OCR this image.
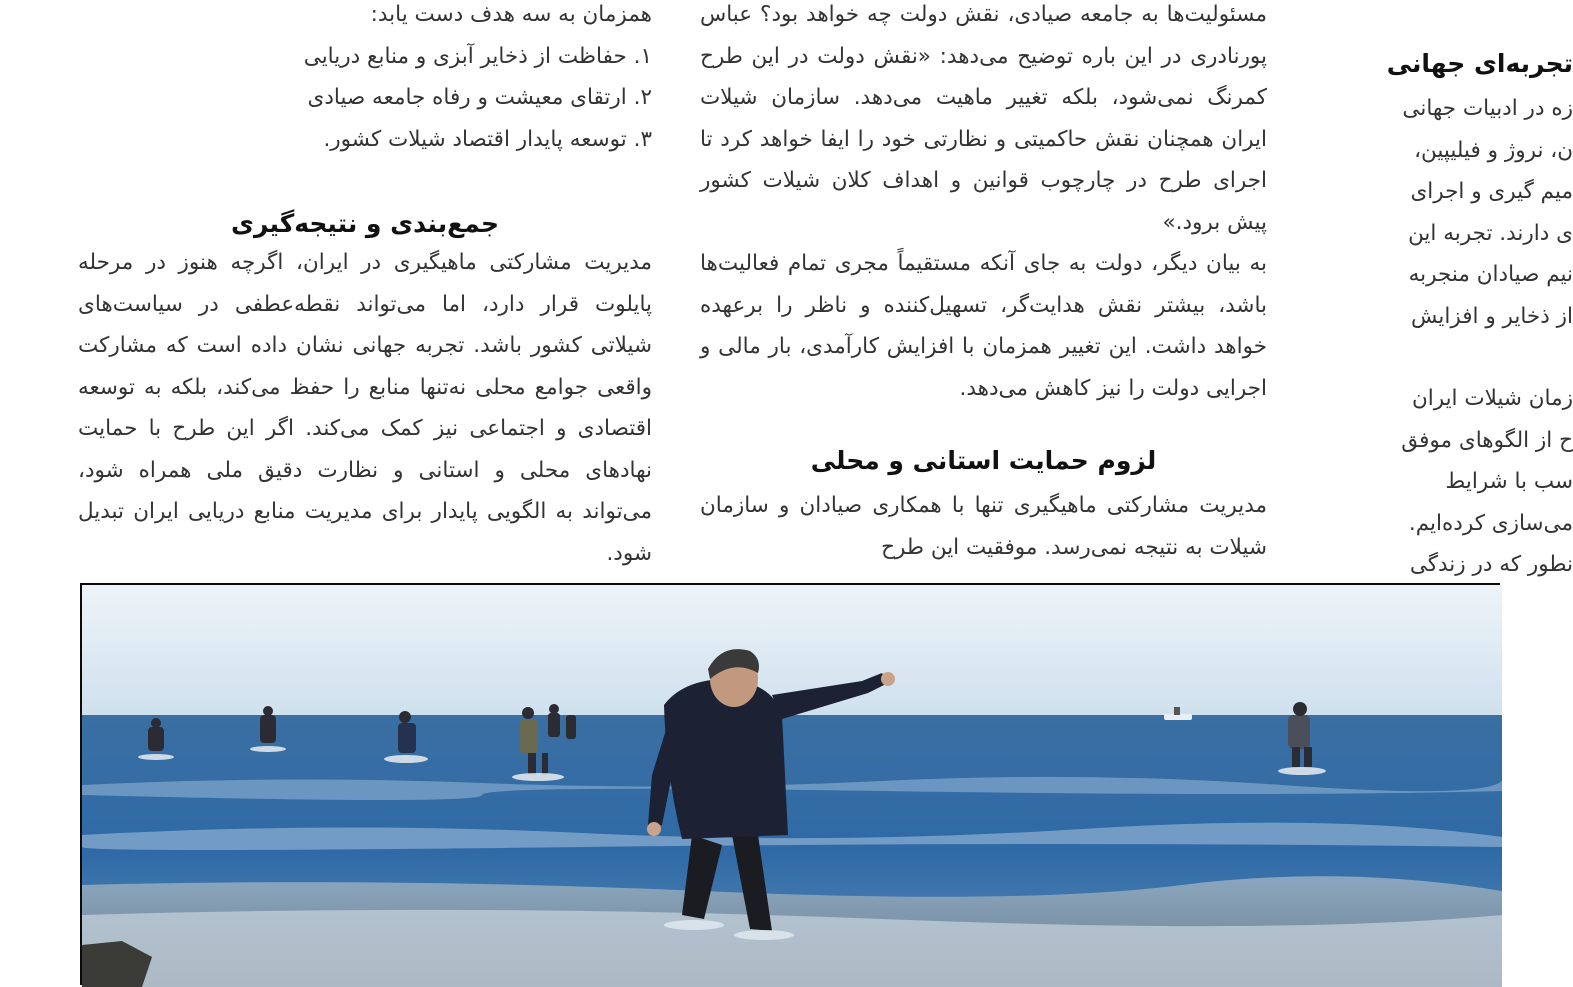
همزمان به سه هدف دست یابد:

۱. حفاظت از ذخایر آبزی و منابع دریایی

۲. ارتقای معیشت و رفاه جامعه صیادی

۳. توسعه پایدار اقتصاد شیلات کشور.

جمع‌بندی و نتیجه‌گیری

مدیریت مشارکتی ماهیگیری در ایران، اگرچه هنوز در مرحله پایلوت قرار دارد، اما می‌تواند نقطه‌عطفی در سیاست‌های شیلاتی کشور باشد. تجربه جهانی نشان داده است که مشارکت واقعی جوامع محلی نه‌تنها منابع را حفظ می‌کند، بلکه به توسعه اقتصادی و اجتماعی نیز کمک می‌کند. اگر این طرح با حمایت نهادهای محلی و استانی و نظارت دقیق ملی همراه شود، می‌تواند به الگویی پایدار برای مدیریت منابع دریایی ایران تبدیل شود.

مسئولیت‌ها به جامعه صیادی، نقش دولت چه خواهد بود؟ عباس پورنادری در این باره توضیح می‌دهد: «نقش دولت در این طرح کمرنگ نمی‌شود، بلکه تغییر ماهیت می‌دهد. سازمان شیلات ایران همچنان نقش حاکمیتی و نظارتی خود را ایفا خواهد کرد تا اجرای طرح در چارچوب قوانین و اهداف کلان شیلات کشور پیش برود.»

به بیان دیگر، دولت به جای آنکه مستقیماً مجری تمام فعالیت‌ها باشد، بیشتر نقش هدایت‌گر، تسهیل‌کننده و ناظر را برعهده خواهد داشت. این تغییر همزمان با افزایش کارآمدی، بار مالی و اجرایی دولت را نیز کاهش می‌دهد.

لزوم حمایت استانی و محلی

مدیریت مشارکتی ماهیگیری تنها با همکاری صیادان و سازمان شیلات به نتیجه نمی‌رسد. موفقیت این طرح

تجربه‌ای جهانی

زه در ادبیات جهانی

ن، نروژ و فیلیپین،

میم گیری و اجرای

ی دارند. تجربه این

نیم صیادان منجربه

از ذخایر و افزایش

زمان شیلات ایران

ح از الگوهای موفق

سب با شرایط

می‌سازی کرده‌ایم.

نطور که در زندگی
